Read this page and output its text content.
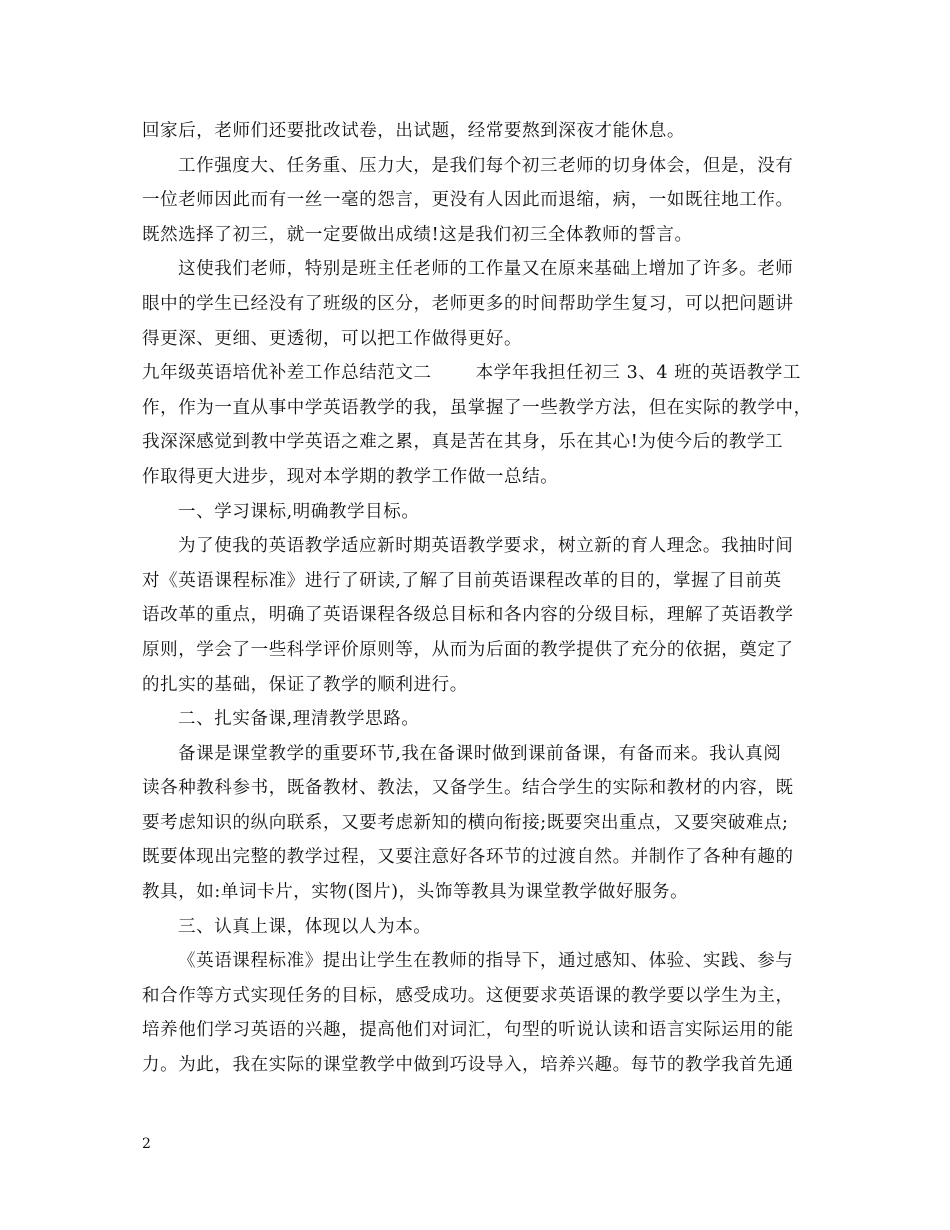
回家后，老师们还要批改试卷，出试题，经常要熬到深夜才能休息。
工作强度大、任务重、压力大，是我们每个初三老师的切身体会，但是，没有
一位老师因此而有一丝一毫的怨言，更没有人因此而退缩，病，一如既往地工作。
既然选择了初三，就一定要做出成绩!这是我们初三全体教师的誓言。
这使我们老师，特别是班主任老师的工作量又在原来基础上增加了许多。老师
眼中的学生已经没有了班级的区分，老师更多的时间帮助学生复习，可以把问题讲
得更深、更细、更透彻，可以把工作做得更好。
九年级英语培优补差工作总结范文二	本学年我担任初三 3、4 班的英语教学工
作，作为一直从事中学英语教学的我，虽掌握了一些教学方法，但在实际的教学中，
我深深感觉到教中学英语之难之累，真是苦在其身，乐在其心!为使今后的教学工
作取得更大进步，现对本学期的教学工作做一总结。
一、学习课标,明确教学目标。
为了使我的英语教学适应新时期英语教学要求，树立新的育人理念。我抽时间
对《英语课程标准》进行了研读,了解了目前英语课程改革的目的，掌握了目前英
语改革的重点，明确了英语课程各级总目标和各内容的分级目标，理解了英语教学
原则，学会了一些科学评价原则等，从而为后面的教学提供了充分的依据，奠定了
的扎实的基础，保证了教学的顺利进行。
二、扎实备课,理清教学思路。
备课是课堂教学的重要环节,我在备课时做到课前备课，有备而来。我认真阅
读各种教科参书，既备教材、教法，又备学生。结合学生的实际和教材的内容，既
要考虑知识的纵向联系，又要考虑新知的横向衔接;既要突出重点，又要突破难点;
既要体现出完整的教学过程，又要注意好各环节的过渡自然。并制作了各种有趣的
教具，如:单词卡片，实物(图片)，头饰等教具为课堂教学做好服务。
三、认真上课，体现以人为本。
《英语课程标准》提出让学生在教师的指导下，通过感知、体验、实践、参与
和合作等方式实现任务的目标，感受成功。这便要求英语课的教学要以学生为主，
培养他们学习英语的兴趣，提高他们对词汇，句型的听说认读和语言实际运用的能
力。为此，我在实际的课堂教学中做到巧设导入，培养兴趣。每节的教学我首先通
2
